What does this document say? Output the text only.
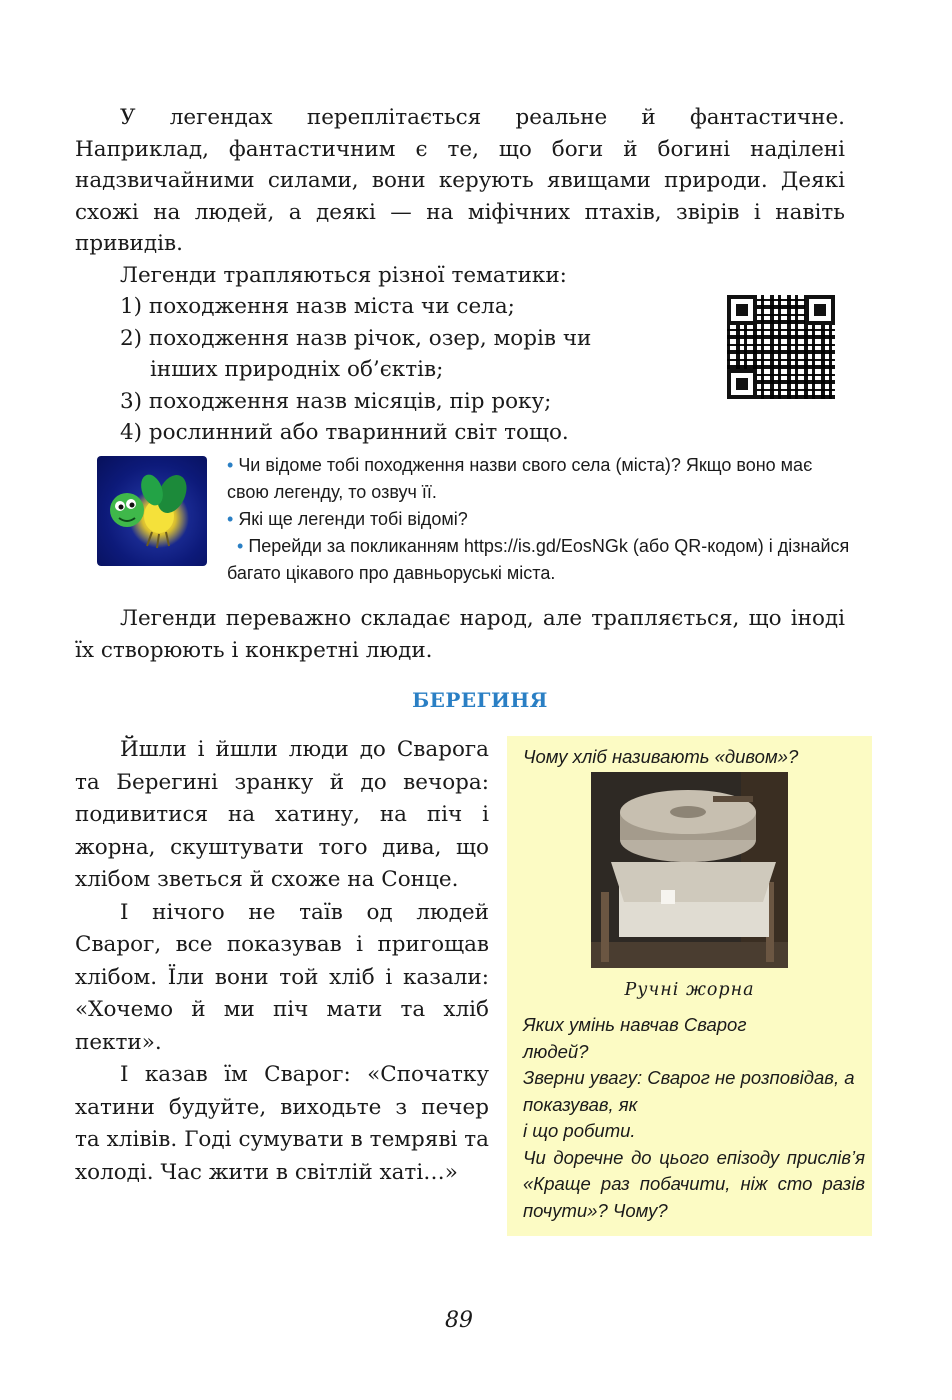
У легендах переплітається реальне й фантастичне. Наприклад, фантастичним є те, що боги й богині наділені надзвичайними силами, вони керують явищами природи. Деякі схожі на людей, а деякі — на міфічних птахів, звірів і навіть привидів.

Легенди трапляються різної тематики:

1) походження назв міста чи села;
2) походження назв річок, озер, морів чи інших природніх об’єктів;
3) походження назв місяців, пір року;
4) рослинний або тваринний світ тощо.

• Чи відоме тобі походження назви свого села (міста)? Якщо воно має свою легенду, то озвуч її.

• Які ще легенди тобі відомі?

• Перейди за покликанням https://is.gd/EosNGk (або QR-кодом) і дізнайся багато цікавого про давньоруські міста.

Легенди переважно складає народ, але трапляється, що іноді їх створюють і конкретні люди.

БЕРЕГИНЯ

Йшли і йшли люди до Сварога та Берегині зранку й до вечора: подивитися на хатину, на піч і жорна, скуштувати того дива, що хлібом зветься й схоже на Сонце.

І нічого не таїв од людей Сварог, все показував і пригощав хлібом. Їли вони той хліб і казали: «Хочемо й ми піч мати та хліб пекти».

І казав їм Сварог: «Спочатку хатини будуйте, виходьте з печер та хлівів. Годі сумувати в темряві та холоді. Час жити в світлій хаті…»

Чому хліб називають «дивом»?
Ручні жорна

Яких умінь навчав Сварог людей?

Зверни увагу: Сварог не розповідав, а показував, як

і що робити.

Чи доречне до цього епізоду прислів’я «Краще раз побачити, ніж сто разів почути»? Чому?

89
